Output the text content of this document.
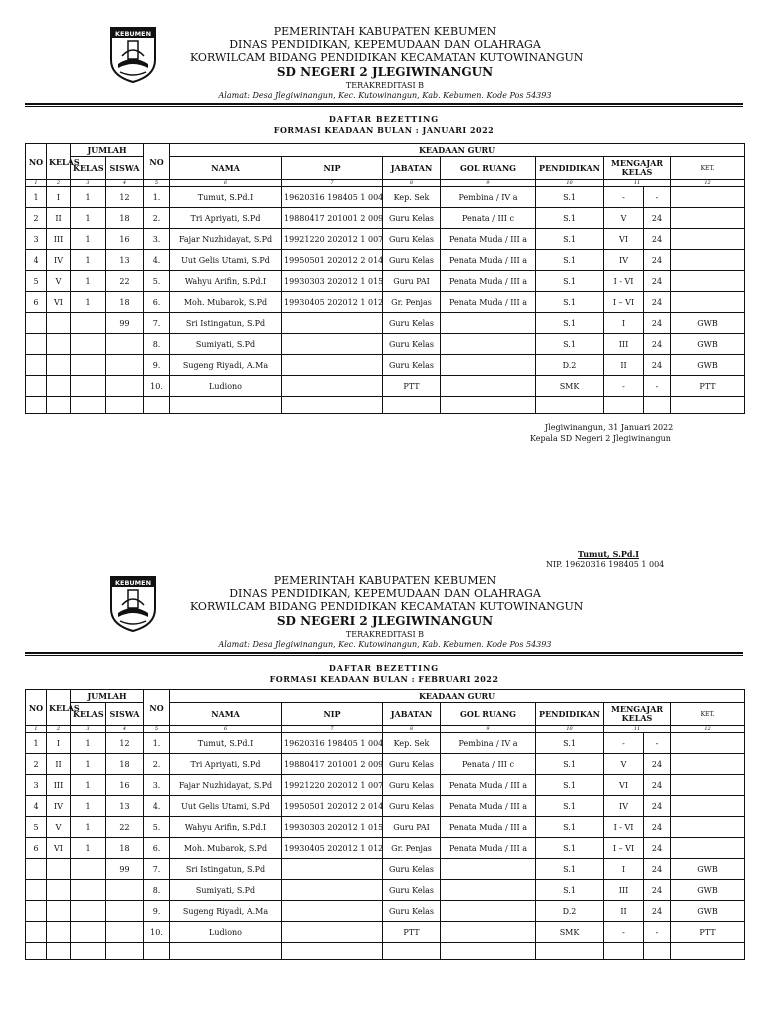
KEBUMEN	PEMERINTAH KABUPATEN KEBUMEN
DINAS PENDIDIKAN, KEPEMUDAAN DAN OLAHRAGA
KORWILCAM BIDANG PENDIDIKAN KECAMATAN KUTOWINANGUN
SD NEGERI 2 JLEGIWINANGUN
TERAKREDITASI B
Alamat: Desa Jlegiwinangun, Kec. Kutowinangun, Kab. Kebumen. Kode Pos 54393
DAFTAR BEZETTING
FORMASI KEADAAN BULAN : JANUARI 2022
NO	KELAS	JUMLAH		NO	KEADAAN GURU							
		KELAS	SISWA		NAMA	NIP	JABATAN	GOL RUANG	PENDIDIKAN	MENGAJAR KELAS		KET.
1	2	3	4	5	6	7	8	9	10	11		12
1	I	1	12	1.	Tumut, S.Pd.I	19620316 198405 1 004	Kep. Sek	Pembina / IV a	S.1	-	-	
2	II	1	18	2.	Tri Apriyati, S.Pd	19880417 201001 2 009	Guru Kelas	Penata / III c	S.1	V	24	
3	III	1	16	3.	Fajar Nuzhidayat, S.Pd	19921220 202012 1 007	Guru Kelas	Penata Muda / III a	S.1	VI	24	
4	IV	1	13	4.	Uut Gelis Utami, S.Pd	19950501 202012 2 014	Guru Kelas	Penata Muda / III a	S.1	IV	24	
5	V	1	22	5.	Wahyu Arifin, S.Pd.I	19930303 202012 1 015	Guru PAI	Penata Muda / III a	S.1	I - VI	24	
6	VI	1	18	6.	Moh. Mubarok, S.Pd	19930405 202012 1 012	Gr. Penjas	Penata Muda / III a	S.1	I – VI	24	
			99	7.	Sri Istingatun, S.Pd		Guru Kelas		S.1	I	24	GWB
				8.	Sumiyati, S.Pd		Guru Kelas		S.1	III	24	GWB
				9.	Sugeng Riyadi, A.Ma		Guru Kelas		D.2	II	24	GWB
				10.	Ludiono		PTT		SMK	-	-	PTT

Jlegiwinangun, 31 Januari 2022
Kepala SD Negeri 2 Jlegiwinangun
Tumut, S.Pd.I
NIP. 19620316 198405 1 004
KEBUMEN	PEMERINTAH KABUPATEN KEBUMEN
DINAS PENDIDIKAN, KEPEMUDAAN DAN OLAHRAGA
KORWILCAM BIDANG PENDIDIKAN KECAMATAN KUTOWINANGUN
SD NEGERI 2 JLEGIWINANGUN
TERAKREDITASI B
Alamat: Desa Jlegiwinangun, Kec. Kutowinangun, Kab. Kebumen. Kode Pos 54393
DAFTAR BEZETTING
FORMASI KEADAAN BULAN : FEBRUARI 2022
NO	KELAS	JUMLAH		NO	KEADAAN GURU							
		KELAS	SISWA		NAMA	NIP	JABATAN	GOL RUANG	PENDIDIKAN	MENGAJAR KELAS		KET.
1	2	3	4	5	6	7	8	9	10	11		12
1	I	1	12	1.	Tumut, S.Pd.I	19620316 198405 1 004	Kep. Sek	Pembina / IV a	S.1	-	-	
2	II	1	18	2.	Tri Apriyati, S.Pd	19880417 201001 2 009	Guru Kelas	Penata / III c	S.1	V	24	
3	III	1	16	3.	Fajar Nuzhidayat, S.Pd	19921220 202012 1 007	Guru Kelas	Penata Muda / III a	S.1	VI	24	
4	IV	1	13	4.	Uut Gelis Utami, S.Pd	19950501 202012 2 014	Guru Kelas	Penata Muda / III a	S.1	IV	24	
5	V	1	22	5.	Wahyu Arifin, S.Pd.I	19930303 202012 1 015	Guru PAI	Penata Muda / III a	S.1	I - VI	24	
6	VI	1	18	6.	Moh. Mubarok, S.Pd	19930405 202012 1 012	Gr. Penjas	Penata Muda / III a	S.1	I – VI	24	
			99	7.	Sri Istingatun, S.Pd		Guru Kelas		S.1	I	24	GWB
				8.	Sumiyati, S.Pd		Guru Kelas		S.1	III	24	GWB
				9.	Sugeng Riyadi, A.Ma		Guru Kelas		D.2	II	24	GWB
				10.	Ludiono		PTT		SMK	-	-	PTT
